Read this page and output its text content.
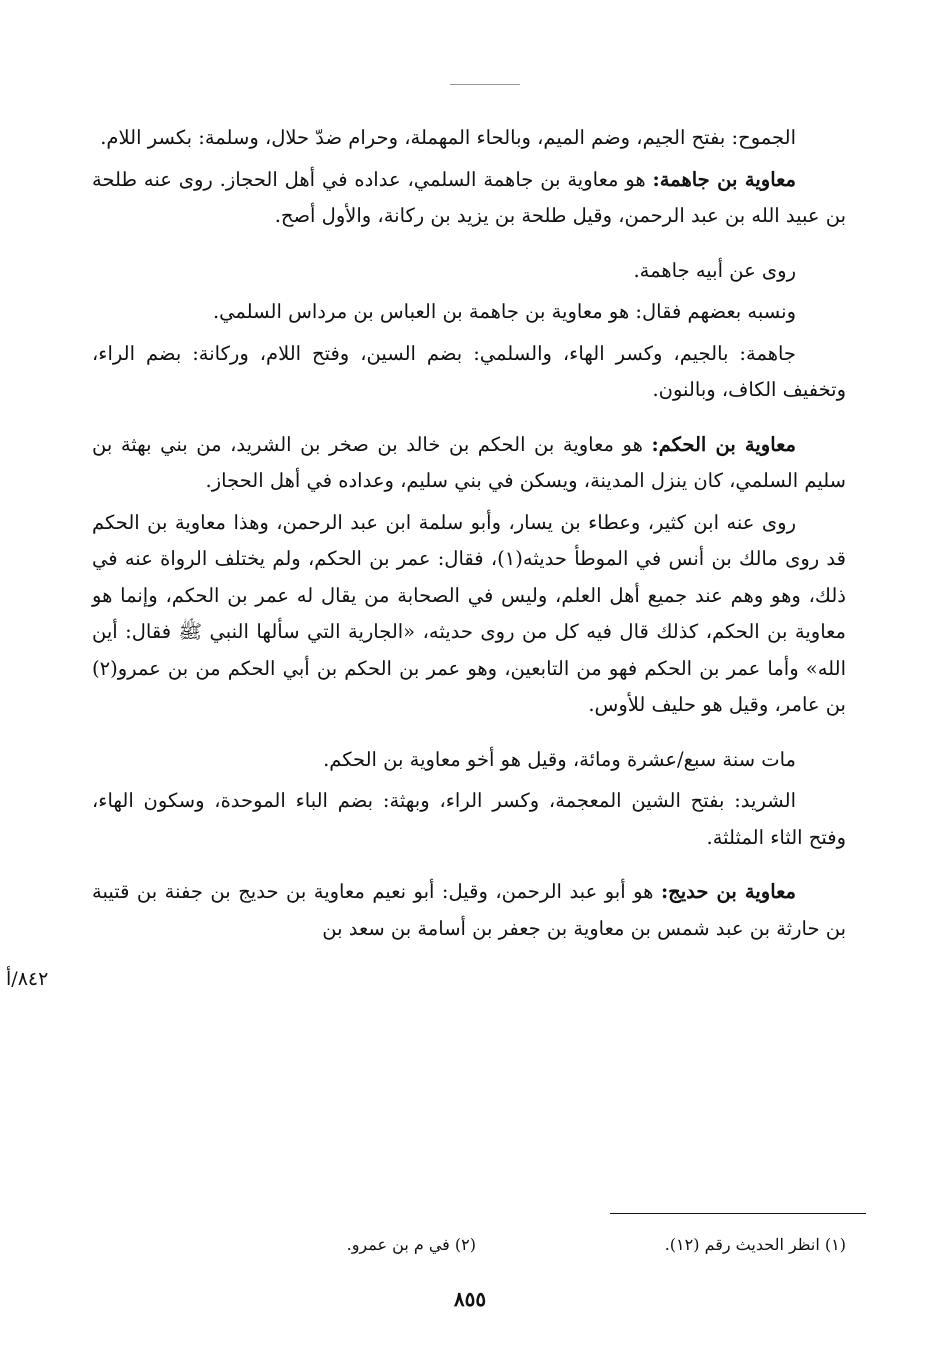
الجموح: بفتح الجيم، وضم الميم، وبالحاء المهملة، وحرام ضدّ حلال، وسلمة: بكسر اللام.

معاوية بن جاهمة: هو معاوية بن جاهمة السلمي، عداده في أهل الحجاز. روى عنه طلحة بن عبيد الله بن عبد الرحمن، وقيل طلحة بن يزيد بن ركانة، والأول أصح.

روى عن أبيه جاهمة.

ونسبه بعضهم فقال: هو معاوية بن جاهمة بن العباس بن مرداس السلمي.

جاهمة: بالجيم، وكسر الهاء، والسلمي: بضم السين، وفتح اللام، وركانة: بضم الراء، وتخفيف الكاف، وبالنون.

معاوية بن الحكم: هو معاوية بن الحكم بن خالد بن صخر بن الشريد، من بني بهثة بن سليم السلمي، كان ينزل المدينة، ويسكن في بني سليم، وعداده في أهل الحجاز.

روى عنه ابن كثير، وعطاء بن يسار، وأبو سلمة ابن عبد الرحمن، وهذا معاوية بن الحكم قد روى مالك بن أنس في الموطأ حديثه(١)، فقال: عمر بن الحكم، ولم يختلف الرواة عنه في ذلك، وهو وهم عند جميع أهل العلم، وليس في الصحابة من يقال له عمر بن الحكم، وإنما هو معاوية بن الحكم، كذلك قال فيه كل من روى حديثه، «الجارية التي سألها النبي ﷺ فقال: أين الله» وأما عمر بن الحكم فهو من التابعين، وهو عمر بن الحكم بن أبي الحكم من بن عمرو(٢) بن عامر، وقيل هو حليف للأوس.

مات سنة سبع/عشرة ومائة، وقيل هو أخو معاوية بن الحكم.

الشريد: بفتح الشين المعجمة، وكسر الراء، وبهثة: بضم الباء الموحدة، وسكون الهاء، وفتح الثاء المثلثة.

معاوية بن حديج: هو أبو عبد الرحمن، وقيل: أبو نعيم معاوية بن حديج بن جفنة بن قتيبة بن حارثة بن عبد شمس بن معاوية بن جعفر بن أسامة بن سعد بن

٨٤٢/أ
(١) انظر الحديث رقم (١٢).
(٢) في م بن عمرو.
٨٥٥
